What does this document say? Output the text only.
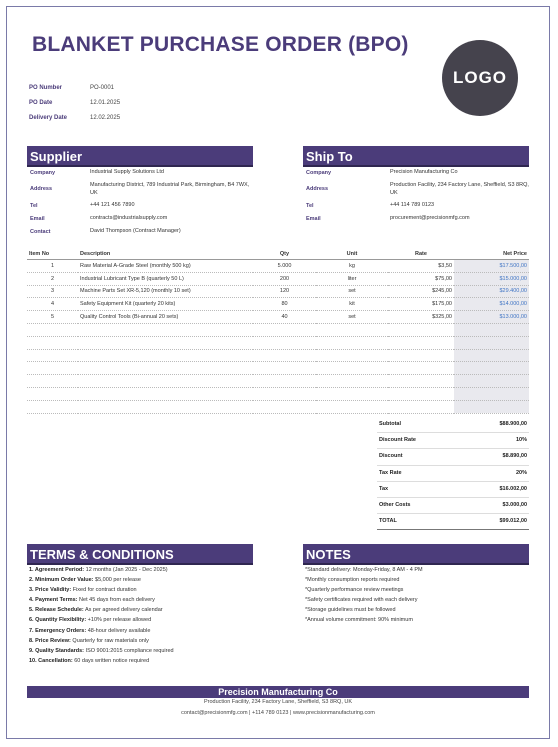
BLANKET PURCHASE ORDER (BPO)
LOGO
PO Number	PO-0001
PO Date	12.01.2025
Delivery Date	12.02.2025
Supplier
Company	Industrial Supply Solutions Ltd
Address
Manufacturing District, 789 Industrial Park, Birmingham, B4 7WX, UK
Tel	+44 121 456 7890
Email	contracts@industrialsupply.com
Contact	David Thompson (Contract Manager)
Ship To
Company	Precision Manufacturing Co
Address
Production Facility, 234 Factory Lane, Sheffield, S3 8RQ, UK
Tel	+44 114 789 0123
Email	procurement@precisionmfg.com
Item No	Description	Qty	Unit	Rate	Net Price
1	Raw Material A-Grade Steel (monthly 500 kg)	5.000	kg	$3,50	$17.500,00
2	Industrial Lubricant Type B (quarterly 50 L)	200	liter	$75,00	$15.000,00
3	Machine Parts Set XR-5,120 (monthly 10 set)	120	set	$245,00	$29.400,00
4	Safety Equipment Kit (quarterly 20 kits)	80	kit	$175,00	$14.000,00
5	Quality Control Tools (Bi-annual 20 sets)	40	set	$325,00	$13.000,00

Subtotal	$88.900,00
Discount Rate	10%
Discount	$8.890,00
Tax Rate	20%
Tax	$16.002,00
Other Costs	$3.000,00
TOTAL	$99.012,00
TERMS & CONDITIONS
1. Agreement Period: 12 months (Jan 2025 - Dec 2025)
2. Minimum Order Value: $5,000 per release
3. Price Validity: Fixed for contract duration
4. Payment Terms: Net 45 days from each delivery
5. Release Schedule: As per agreed delivery calendar
6. Quantity Flexibility: +10% per release allowed
7. Emergency Orders: 48-hour delivery available
8. Price Review: Quarterly for raw materials only
9. Quality Standards: ISO 9001:2015 compliance required
10. Cancellation: 60 days written notice required
NOTES
*Standard delivery: Monday-Friday, 8 AM - 4 PM
*Monthly consumption reports required
*Quarterly performance review meetings
*Safety certificates required with each delivery
*Storage guidelines must be followed
*Annual volume commitment: 90% minimum
Precision Manufacturing Co
Production Facility, 234 Factory Lane, Sheffield, S3 8RQ, UK
contact@precisionmfg.com | +114 789 0123 | www.precisionmanufacturing.com
